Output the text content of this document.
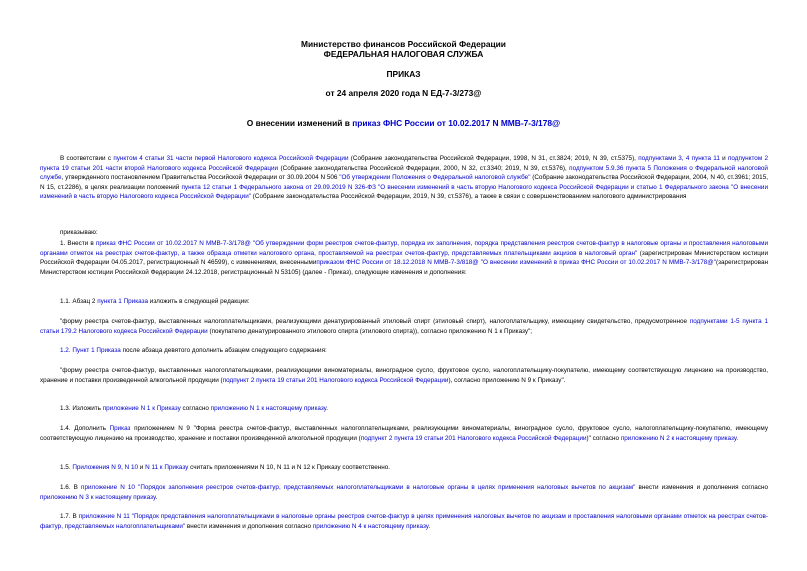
Министерство финансов Российской Федерации
ФЕДЕРАЛЬНАЯ НАЛОГОВАЯ СЛУЖБА
ПРИКАЗ
от 24 апреля 2020 года N ЕД-7-3/273@
О внесении изменений в приказ ФНС России от 10.02.2017 N ММВ-7-3/178@
В соответствии с пунктом 4 статьи 31 части первой Налогового кодекса Российской Федерации (Собрание законодательства Российской Федерации, 1998, N 31, ст.3824; 2019, N 39, ст.5375), подпунктами 3, 4 пункта 11 и подпунктом 2 пункта 19 статьи 201 части второй Налогового кодекса Российской Федерации (Собрание законодательства Российской Федерации, 2000, N 32, ст.3340; 2019, N 39, ст.5376), подпунктом 5.9.36 пункта 5 Положения о Федеральной налоговой службе, утвержденного постановлением Правительства Российской Федерации от 30.09.2004 N 506 "Об утверждении Положения о Федеральной налоговой службе" (Собрание законодательства Российской Федерации, 2004, N 40, ст.3961; 2015, N 15, ст.2286), в целях реализации положений пункта 12 статьи 1 Федерального закона от 29.09.2019 N 326-ФЗ "О внесении изменений в часть вторую Налогового кодекса Российской Федерации и статью 1 Федерального закона "О внесении изменений в часть вторую Налогового кодекса Российской Федерации" (Собрание законодательства Российской Федерации, 2019, N 39, ст.5376), а также в связи с совершенствованием налогового администрирования
приказываю:
1. Внести в приказ ФНС России от 10.02.2017 N ММВ-7-3/178@ "Об утверждении форм реестров счетов-фактур, порядка их заполнения, порядка представления реестров счетов-фактур в налоговые органы и проставления налоговыми органами отметок на реестрах счетов-фактур, а также образца отметки налогового органа, проставляемой на реестрах счетов-фактур, представляемых плательщиками акцизов в налоговый орган" (зарегистрирован Министерством юстиции Российской Федерации 04.05.2017, регистрационный N 46599), с изменениями, внесеннымиприказом ФНС России от 18.12.2018 N ММВ-7-3/818@ "О внесении изменений в приказ ФНС России от 10.02.2017 N ММВ-7-3/178@"(зарегистрирован Министерством юстиции Российской Федерации 24.12.2018, регистрационный N 53105) (далее - Приказ), следующие изменения и дополнения:
1.1. Абзац 2 пункта 1 Приказа изложить в следующей редакции:
"форму реестра счетов-фактур, выставленных налогоплательщиками, реализующими денатурированный этиловый спирт (этиловый спирт), налогоплательщику, имеющему свидетельство, предусмотренное подпунктами 1-5 пункта 1 статьи 179.2 Налогового кодекса Российской Федерации (покупателю денатурированного этилового спирта (этилового спирта)), согласно приложению N 1 к Приказу";
1.2. Пункт 1 Приказа после абзаца девятого дополнить абзацем следующего содержания:
"форму реестра счетов-фактур, выставленных налогоплательщиками, реализующими виноматериалы, виноградное сусло, фруктовое сусло, налогоплательщику-покупателю, имеющему соответствующую лицензию на производство, хранение и поставки произведенной алкогольной продукции (подпункт 2 пункта 19 статьи 201 Налогового кодекса Российской Федерации), согласно приложению N 9 к Приказу".
1.3. Изложить приложение N 1 к Приказу согласно приложению N 1 к настоящему приказу.
1.4. Дополнить Приказ приложением N 9 "Форма реестра счетов-фактур, выставленных налогоплательщиками, реализующими виноматериалы, виноградное сусло, фруктовое сусло, налогоплательщику-покупателю, имеющему соответствующую лицензию на производство, хранение и поставки произведенной алкогольной продукции (подпункт 2 пункта 19 статьи 201 Налогового кодекса Российской Федерации)" согласно приложению N 2 к настоящему приказу.
1.5. Приложения N 9, N 10 и N 11 к Приказу считать приложениями N 10, N 11 и N 12 к Приказу соответственно.
1.6. В приложение N 10 "Порядок заполнения реестров счетов-фактур, представляемых налогоплательщиками в налоговые органы в целях применения налоговых вычетов по акцизам" внести изменения и дополнения согласно приложению N 3 к настоящему приказу.
1.7. В приложение N 11 "Порядок представления налогоплательщиками в налоговые органы реестров счетов-фактур в целях применения налоговых вычетов по акцизам и проставления налоговыми органами отметок на реестрах счетов-фактур, представляемых налогоплательщиками" внести изменения и дополнения согласно приложению N 4 к настоящему приказу.
